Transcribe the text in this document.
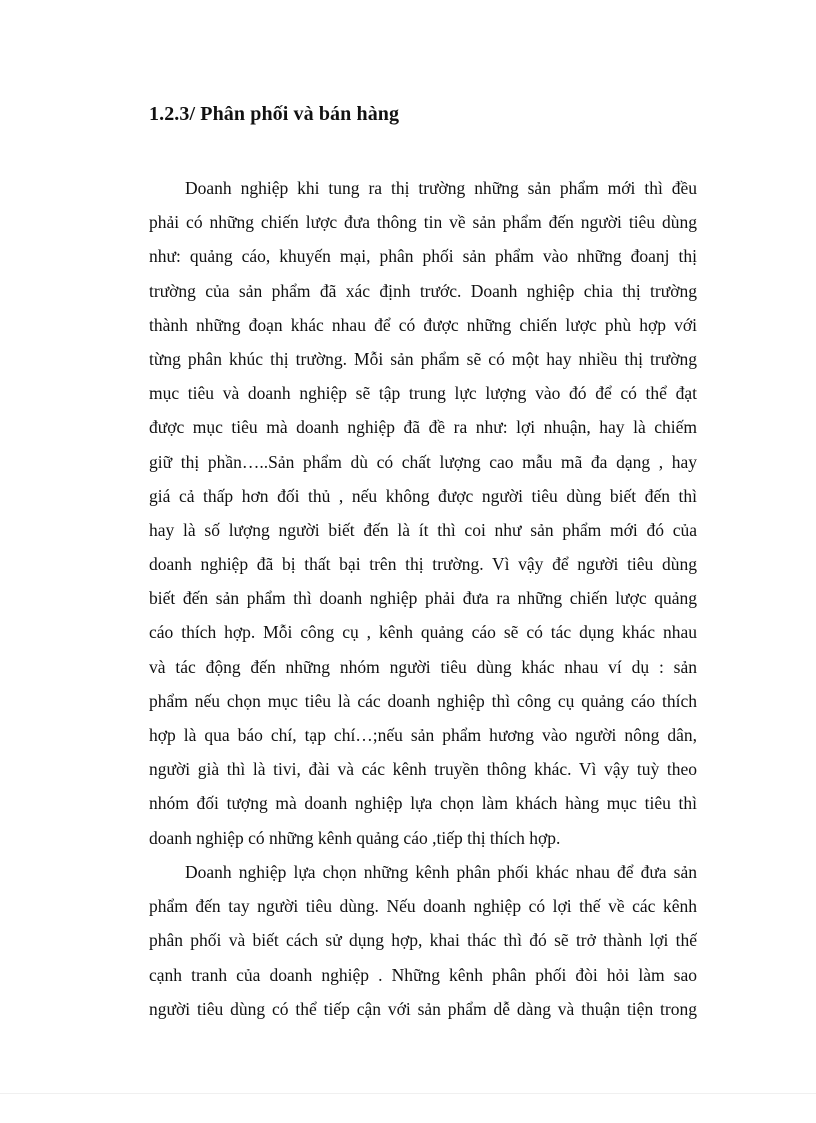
1.2.3/ Phân phối và bán hàng
Doanh nghiệp khi tung ra thị trường những sản phẩm mới thì đều
phải có những chiến lược đưa thông tin về sản phẩm đến người tiêu dùng
như: quảng cáo, khuyến mại, phân phối sản phẩm vào những đoanj thị
trường của sản phẩm đã xác định trước. Doanh nghiệp chia thị trường
thành những đoạn khác nhau để có được những chiến lược phù hợp với
từng phân khúc thị trường. Mỗi sản phẩm sẽ có một hay nhiều thị trường
mục tiêu và doanh nghiệp sẽ tập trung lực lượng vào đó để có thể đạt
được mục tiêu mà doanh nghiệp đã đề ra như: lợi nhuận, hay là chiếm
giữ thị phần…..Sản phẩm dù có chất lượng cao mẫu mã đa dạng , hay
giá cả thấp hơn đối thủ , nếu không được người tiêu dùng biết đến thì
hay là số lượng người biết đến là ít thì coi như sản phẩm mới đó của
doanh nghiệp đã bị thất bại trên thị trường. Vì vậy để người tiêu dùng
biết đến sản phẩm thì doanh nghiệp phải đưa ra những chiến lược quảng
cáo thích hợp. Mỗi công cụ , kênh quảng cáo sẽ có tác dụng khác nhau
và tác động đến những nhóm người tiêu dùng khác nhau ví dụ : sản
phẩm nếu chọn mục tiêu là các doanh nghiệp thì công cụ quảng cáo thích
hợp là qua báo chí, tạp chí…;nếu sản phẩm hương vào người nông dân,
người già thì là tivi, đài và các kênh truyền thông khác. Vì vậy tuỳ theo
nhóm đối tượng mà doanh nghiệp lựa chọn làm khách hàng mục tiêu thì
doanh nghiệp có những kênh quảng cáo ,tiếp thị thích hợp.
Doanh nghiệp lựa chọn những kênh phân phối khác nhau để đưa sản
phẩm đến tay người tiêu dùng. Nếu doanh nghiệp có lợi thế về các kênh
phân phối và biết cách sử dụng hợp, khai thác thì đó sẽ trở thành lợi thế
cạnh tranh của doanh nghiệp . Những kênh phân phối đòi hỏi làm sao
người tiêu dùng có thể tiếp cận với sản phẩm dễ dàng và thuận tiện trong
